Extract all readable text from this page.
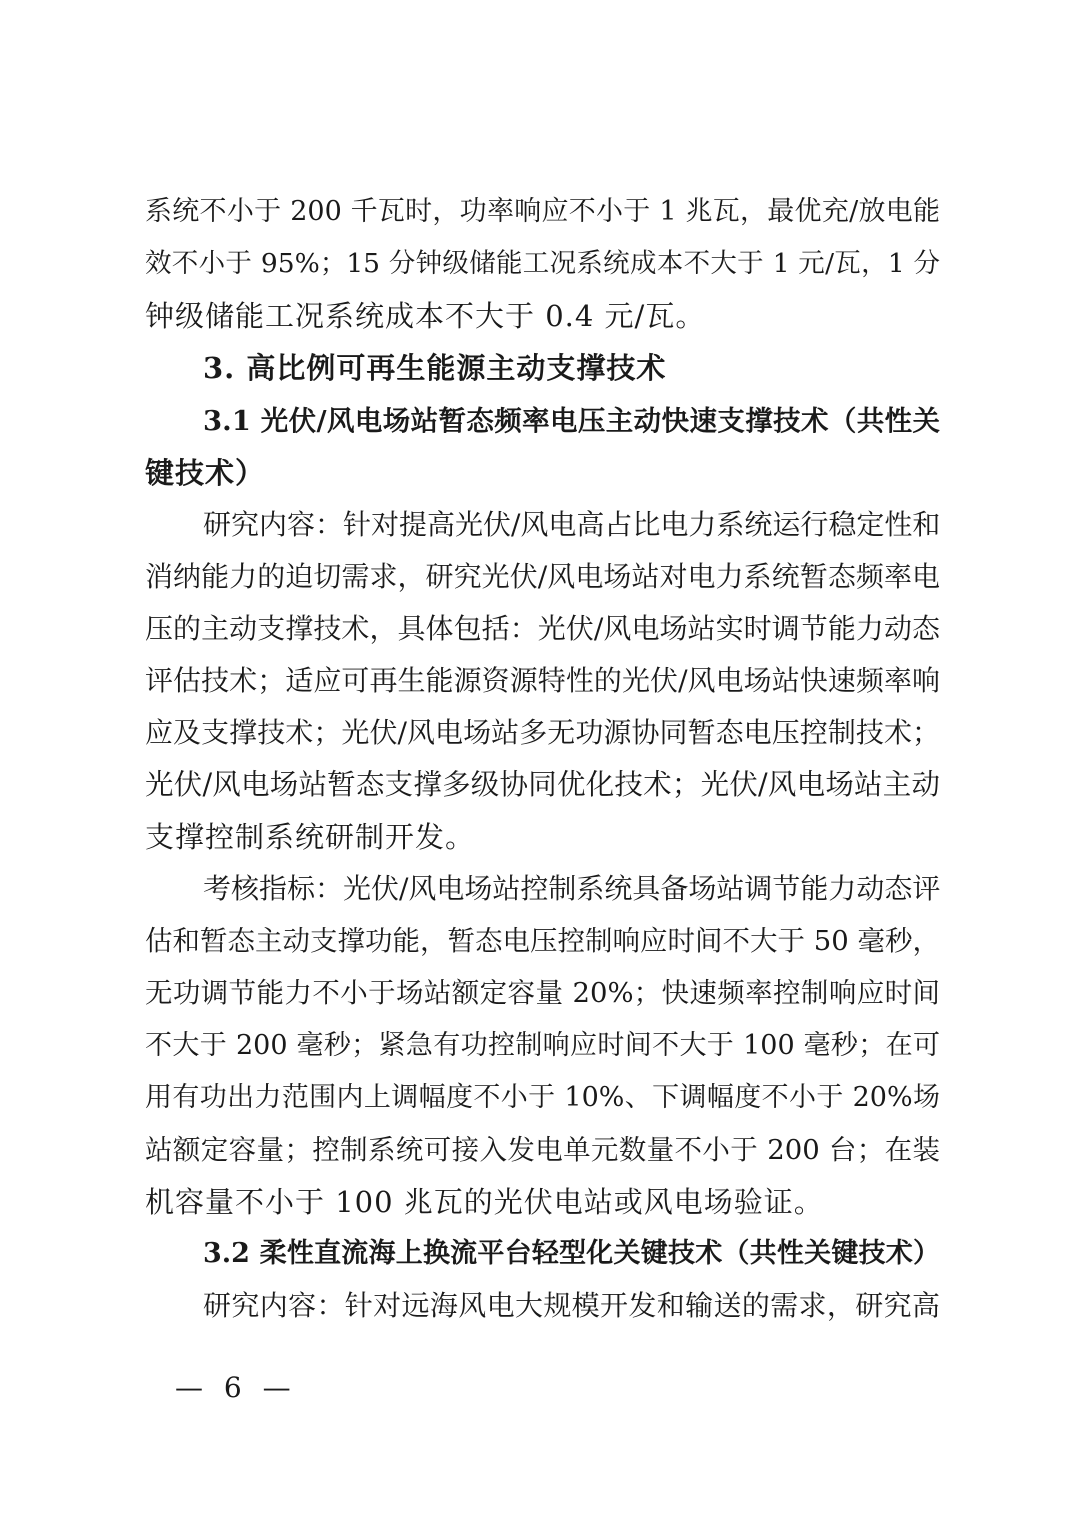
系统不小于 200 千瓦时，功率响应不小于 1 兆瓦，最优充/放电能
效不小于 95%；15 分钟级储能工况系统成本不大于 1 元/瓦，1 分
钟级储能工况系统成本不大于 0.4 元/瓦。
3. 高比例可再生能源主动支撑技术
3.1 光伏/风电场站暂态频率电压主动快速支撑技术（共性关
键技术）
研究内容：针对提高光伏/风电高占比电力系统运行稳定性和
消纳能力的迫切需求，研究光伏/风电场站对电力系统暂态频率电
压的主动支撑技术，具体包括：光伏/风电场站实时调节能力动态
评估技术；适应可再生能源资源特性的光伏/风电场站快速频率响
应及支撑技术；光伏/风电场站多无功源协同暂态电压控制技术；
光伏/风电场站暂态支撑多级协同优化技术；光伏/风电场站主动
支撑控制系统研制开发。
考核指标：光伏/风电场站控制系统具备场站调节能力动态评
估和暂态主动支撑功能，暂态电压控制响应时间不大于 50 毫秒，
无功调节能力不小于场站额定容量 20%；快速频率控制响应时间
不大于 200 毫秒；紧急有功控制响应时间不大于 100 毫秒；在可
用有功出力范围内上调幅度不小于 10%、下调幅度不小于 20%场
站额定容量；控制系统可接入发电单元数量不小于 200 台；在装
机容量不小于 100 兆瓦的光伏电站或风电场验证。
3.2 柔性直流海上换流平台轻型化关键技术（共性关键技术）
研究内容：针对远海风电大规模开发和输送的需求，研究高
— 6 —
